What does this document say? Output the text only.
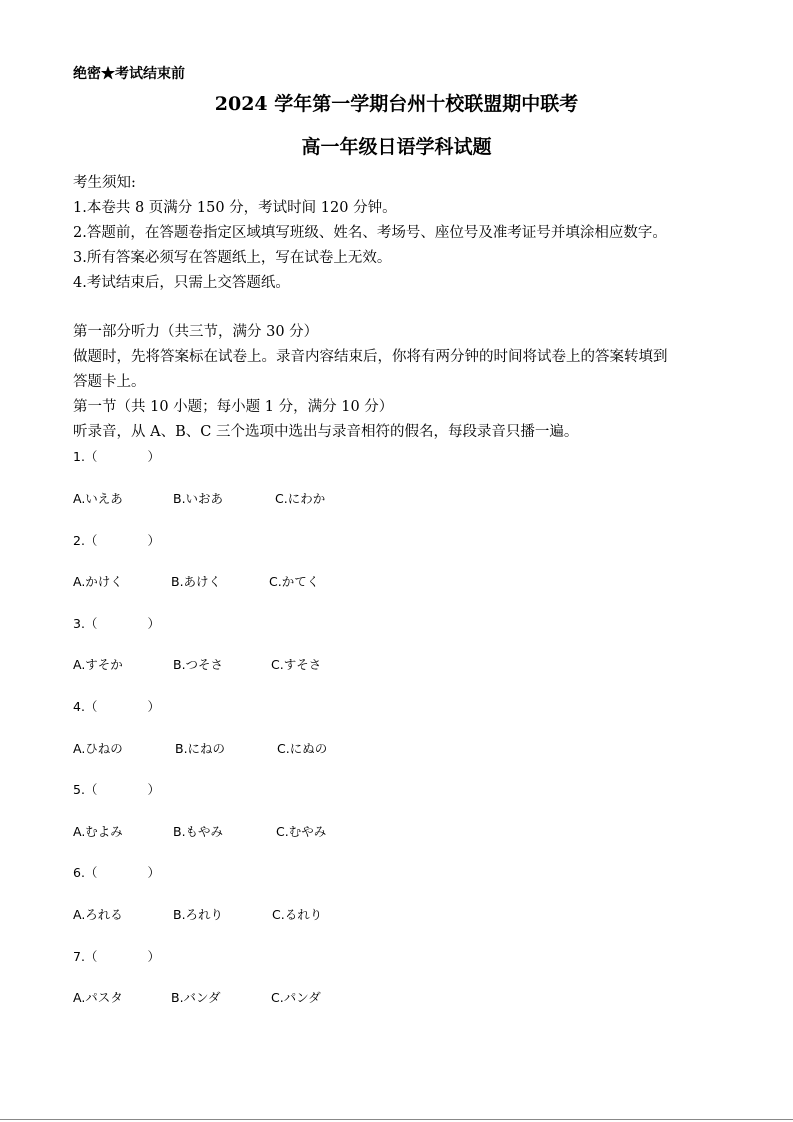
绝密★考试结束前
2024 学年第一学期台州十校联盟期中联考
高一年级日语学科试题
考生须知:
1.本卷共 8 页满分 150 分，考试时间 120 分钟。
2.答题前，在答题卷指定区域填写班级、姓名、考场号、座位号及准考证号并填涂相应数字。
3.所有答案必须写在答题纸上，写在试卷上无效。
4.考试结束后，只需上交答题纸。
第一部分听力（共三节，满分 30 分）
做题时，先将答案标在试卷上。录音内容结束后，你将有两分钟的时间将试卷上的答案转填到
答题卡上。
第一节（共 10 小题；每小题 1 分，满分 10 分）
听录音，从 A、B、C 三个选项中选出与录音相符的假名，每段录音只播一遍。
1.（	）
A.いえあ	B.いおあ	C.にわか
2.（	）
A.かけく	B.あけく	C.かてく
3.（	）
A.すそか	B.つそさ	C.すそさ
4.（	）
A.ひねの	B.にねの	C.にぬの
5.（	）
A.むよみ	B.もやみ	C.むやみ
6.（	）
A.ろれる	B.ろれり	C.るれり
7.（	）
A.パスタ	B.バンダ	C.パンダ
